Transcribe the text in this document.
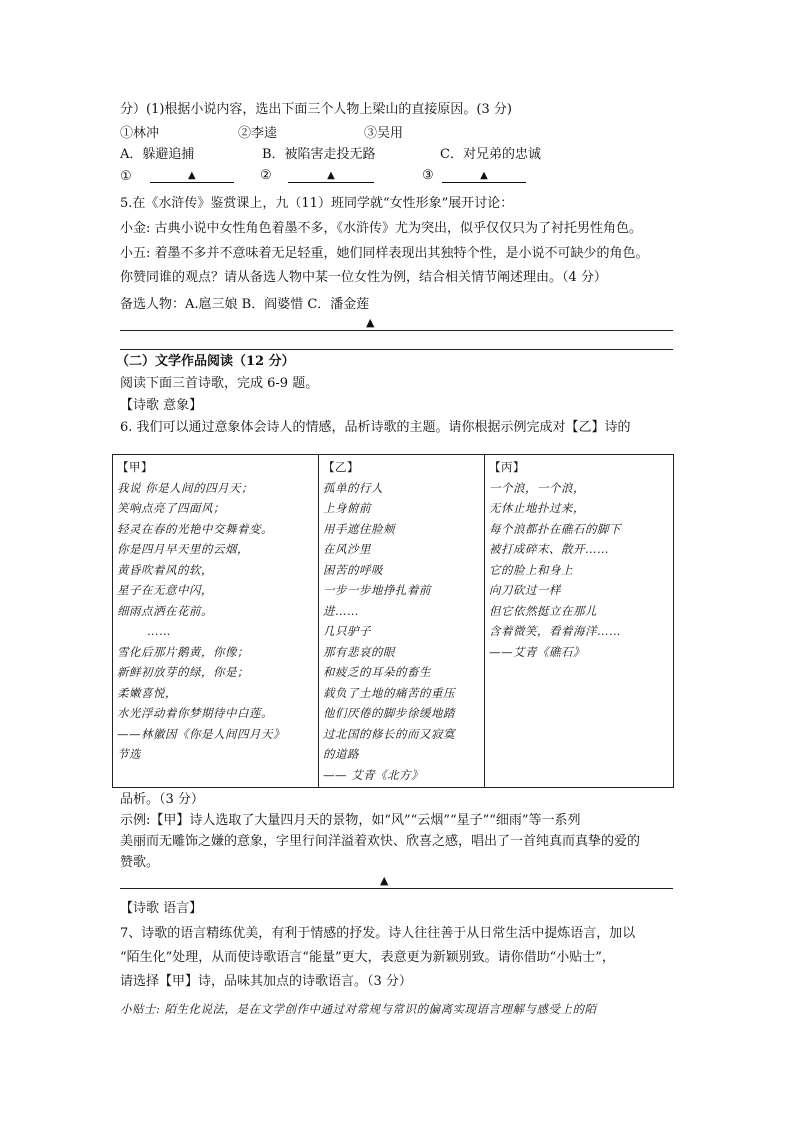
分）(1)根据小说内容，选出下面三个人物上梁山的直接原因。(3 分)
①林冲	②李逵	③吴用
A．躲避追捕	B．被陷害走投无路	C．对兄弟的忠诚
①	▲	②	▲	③	▲
5.在《水浒传》鉴赏课上，九（11）班同学就“女性形象”展开讨论：
小金: 古典小说中女性角色着墨不多，《水浒传》尤为突出，似乎仅仅只为了衬托男性角色。
小五: 着墨不多并不意味着无足轻重，她们同样表现出其独特个性，是小说不可缺少的角色。
你赞同谁的观点？请从备选人物中某一位女性为例，结合相关情节阐述理由。（4 分）
备选人物：A.扈三娘 B．阎婆惜 C．潘金莲
▲
（二）文学作品阅读（12 分）
阅读下面三首诗歌，完成 6-9 题。
【诗歌 意象】
6. 我们可以通过意象体会诗人的情感，品析诗歌的主题。请你根据示例完成对【乙】诗的
【甲】
我说 你是人间的四月天；
笑响点亮了四面风；
轻灵在春的光艳中交舞着变。
你是四月早天里的云烟，
黄昏吹着风的软，
星子在无意中闪，
细雨点洒在花前。
……
雪化后那片鹅黄，你像；
新鲜初放芽的绿，你是；
柔嫩喜悦，
水光浮动着你梦期待中白莲。
——林徽因《你是人间四月天》
节选

【乙】
孤单的行人
上身俯前
用手遮住脸颊
在风沙里
困苦的呼吸
一步一步地挣扎着前
进……
几只驴子
那有悲哀的眼
和疲乏的耳朵的畜生
载负了土地的痛苦的重压
他们厌倦的脚步徐缓地踏
过北国的修长的而又寂寞
的道路
—— 艾青《北方》

【丙】
一个浪，一个浪，
无休止地扑过来，
每个浪都扑在礁石的脚下
被打成碎末、散开……
它的脸上和身上
向刀砍过一样
但它依然挺立在那儿
含着微笑，看着海洋……
——艾青《礁石》
品析。（3 分）
示例:【甲】诗人选取了大量四月天的景物，如“风”“云烟”“星子”“细雨”等一系列
美丽而无雕饰之嫌的意象，字里行间洋溢着欢快、欣喜之感，唱出了一首纯真而真挚的爱的
赞歌。
▲
【诗歌 语言】
7、诗歌的语言精练优美，有利于情感的抒发。诗人往往善于从日常生活中提炼语言，加以
“陌生化”处理，从而使诗歌语言“能量”更大，表意更为新颖别致。请你借助“小贴士”，
请选择【甲】诗，品味其加点的诗歌语言。（3 分）
小贴士: 陌生化说法，是在文学创作中通过对常规与常识的偏离实现语言理解与感受上的陌
